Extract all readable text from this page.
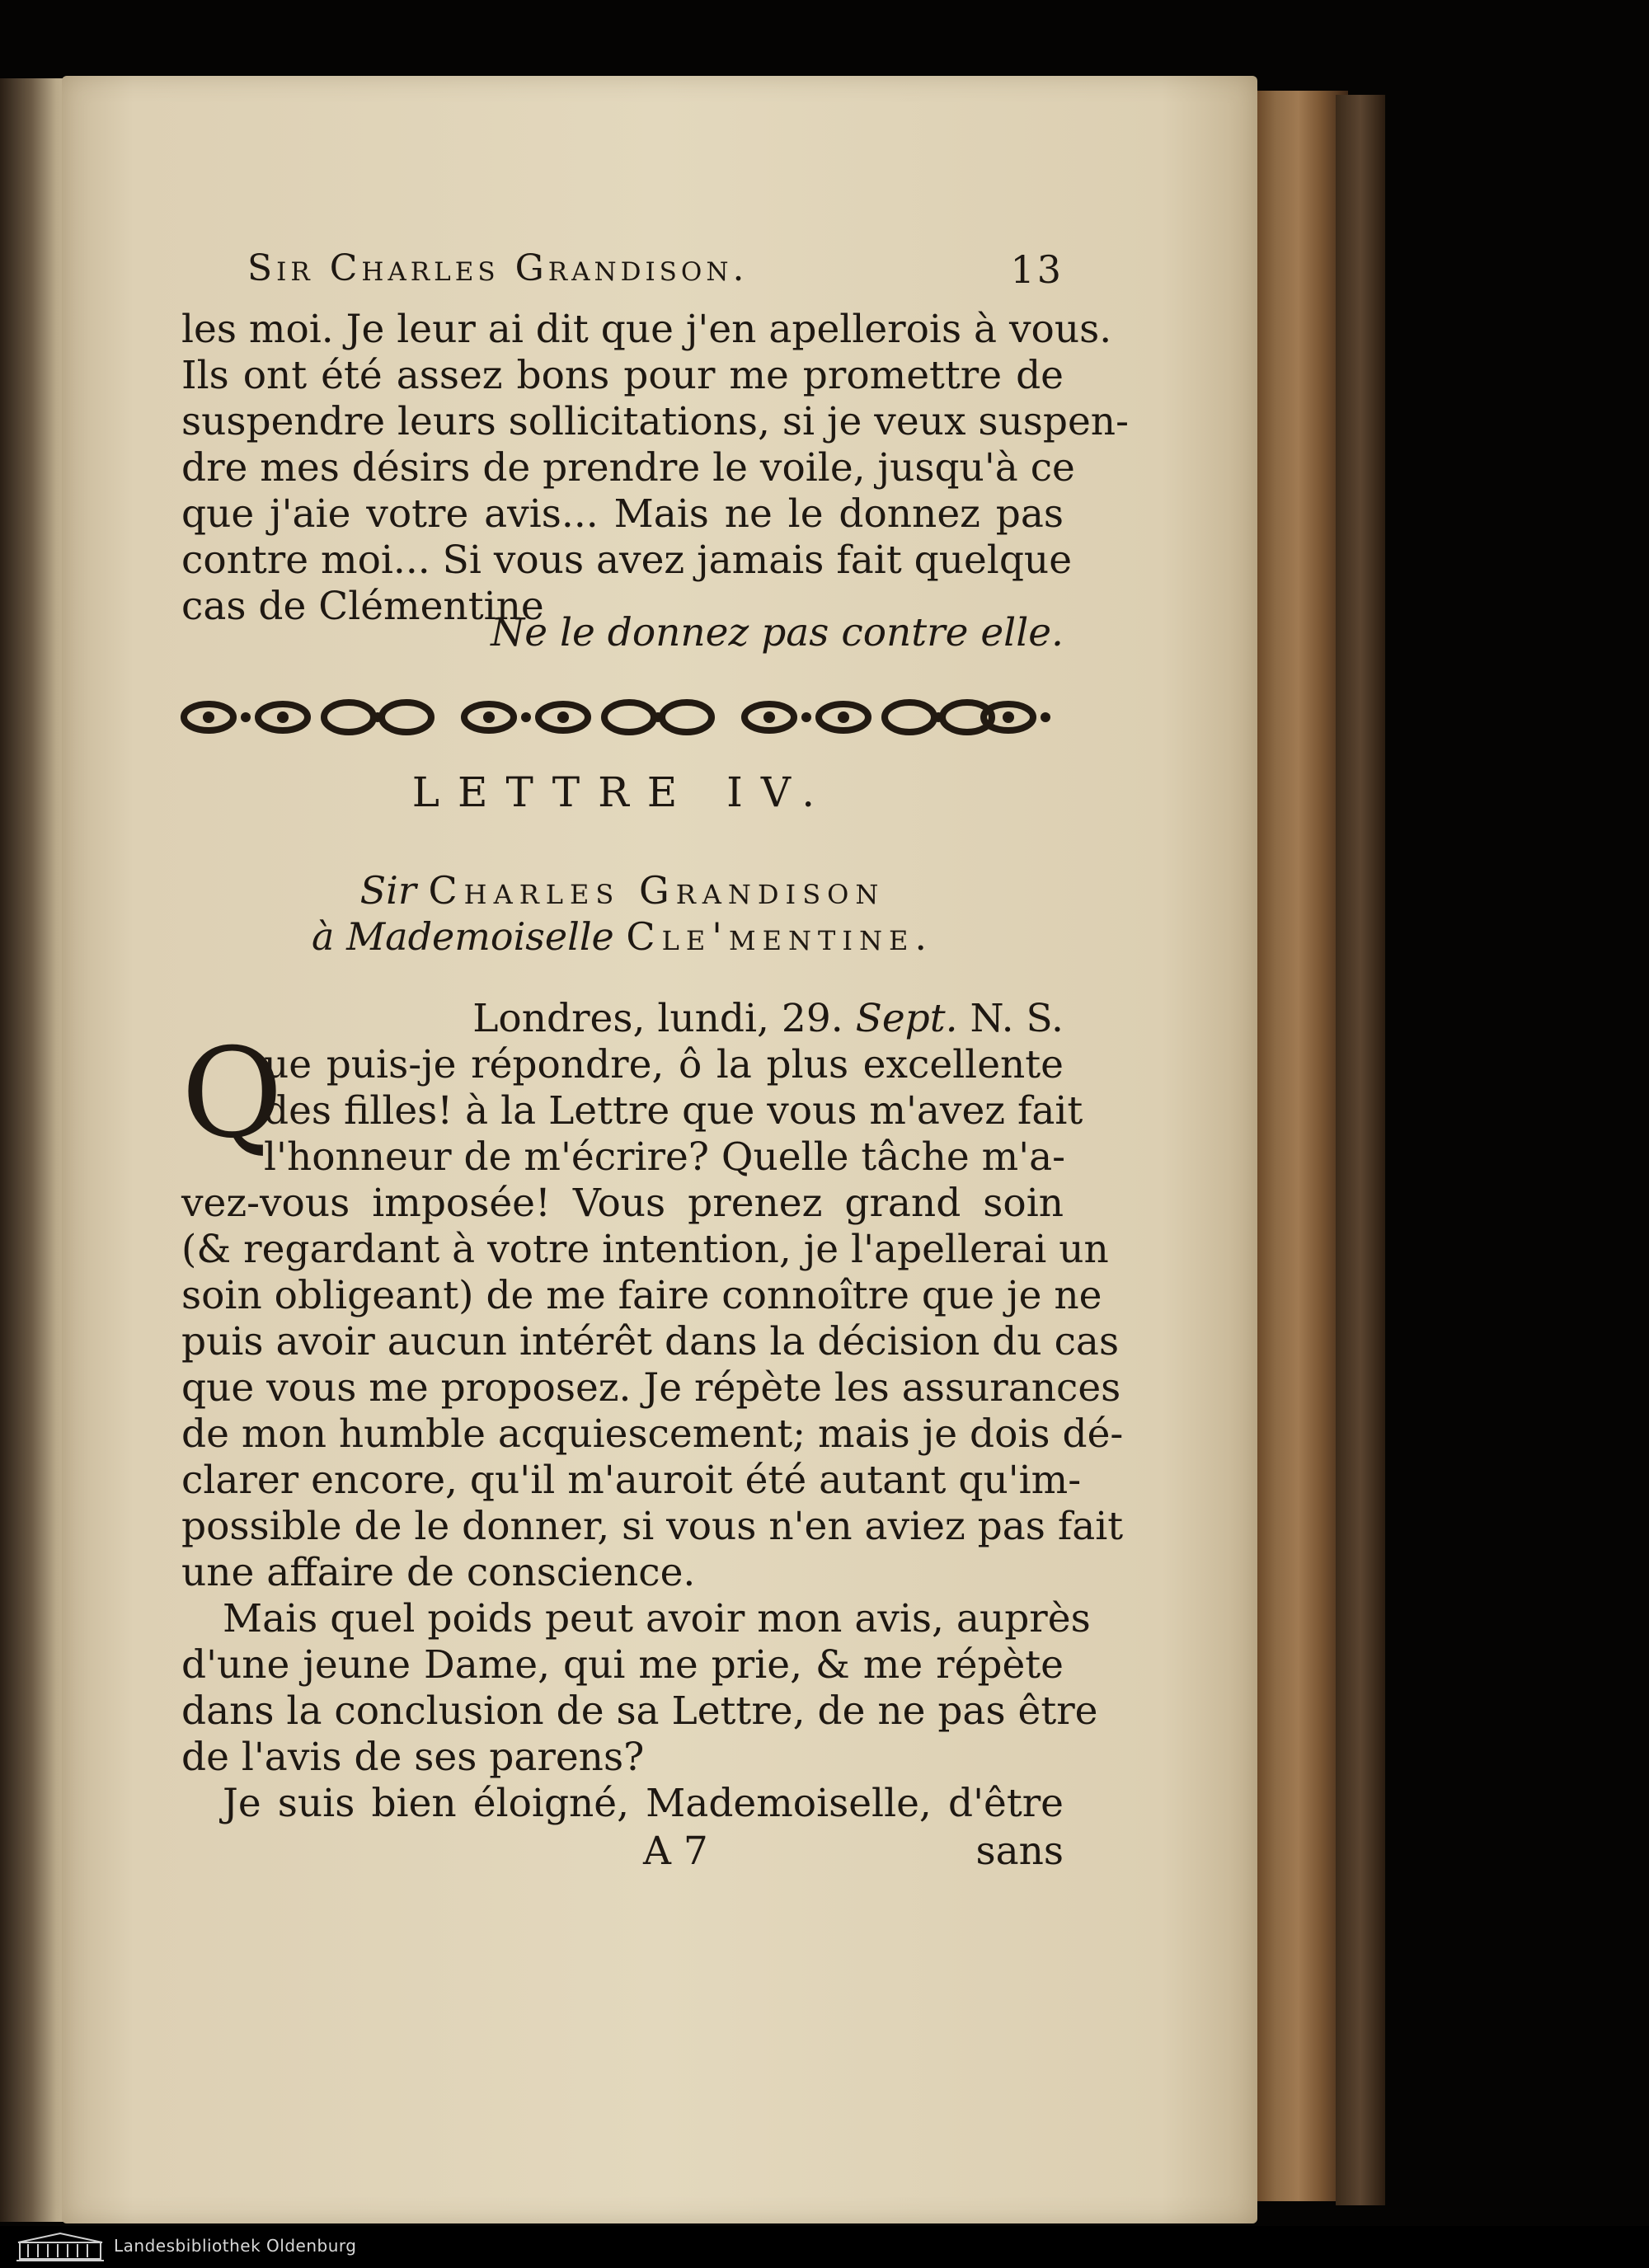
Sir Charles Grandison.	13
les moi. Je leur ai dit que j'en apellerois à vous.
Ils ont été assez bons pour me promettre de
suspendre leurs sollicitations, si je veux suspen-
dre mes désirs de prendre le voile, jusqu'à ce
que j'aie votre avis... Mais ne le donnez pas
contre moi... Si vous avez jamais fait quelque
cas de Clémentine
Ne le donnez pas contre elle.
LETTRE IV.
Sir Charles Grandison
à Mademoiselle Cle'mentine.
Londres, lundi, 29. Sept. N. S.
Q
ue puis-je répondre, ô la plus excellente
des filles! à la Lettre que vous m'avez fait
l'honneur de m'écrire? Quelle tâche m'a-
vez-vous imposée! Vous prenez grand soin
(& regardant à votre intention, je l'apellerai un
soin obligeant) de me faire connoître que je ne
puis avoir aucun intérêt dans la décision du cas
que vous me proposez. Je répète les assurances
de mon humble acquiescement; mais je dois dé-
clarer encore, qu'il m'auroit été autant qu'im-
possible de le donner, si vous n'en aviez pas fait
une affaire de conscience.
Mais quel poids peut avoir mon avis, auprès
d'une jeune Dame, qui me prie, & me répète
dans la conclusion de sa Lettre, de ne pas être
de l'avis de ses parens?
Je suis bien éloigné, Mademoiselle, d'être
A 7	sans
Landesbibliothek Oldenburg
